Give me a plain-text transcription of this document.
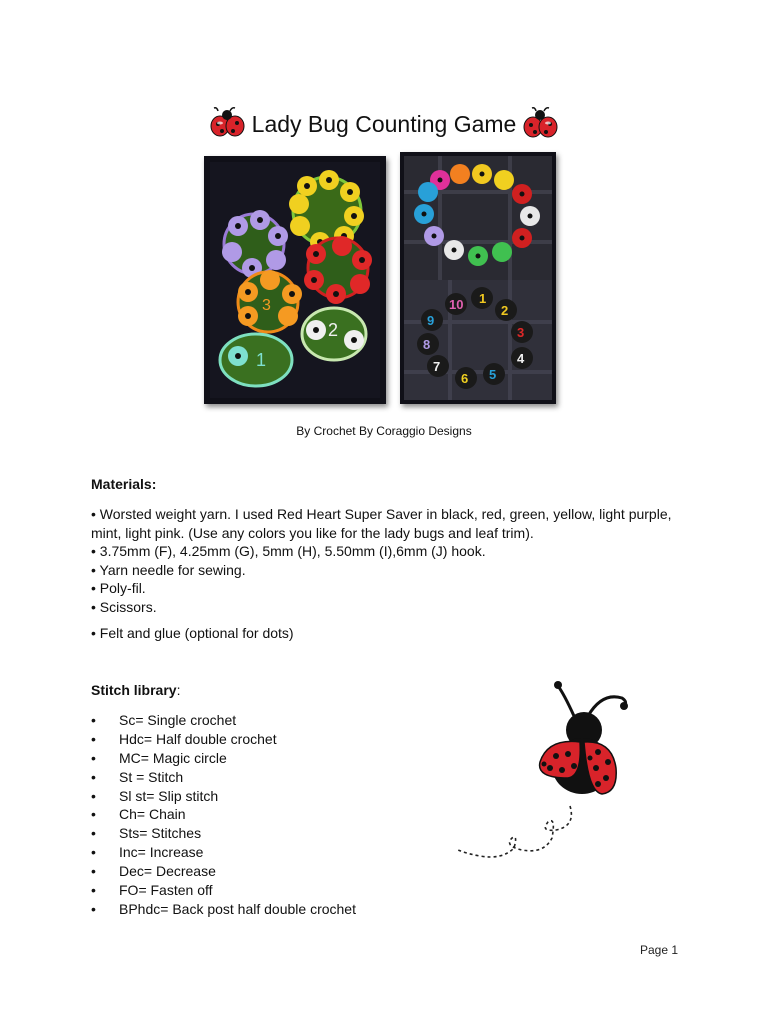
Lady Bug Counting Game
3
2
1
10 1
2
3
4
5
6
7
8
9
By Crochet By Coraggio Designs
Materials:

• Worsted weight yarn. I used Red Heart Super Saver in black, red, green, yellow, light purple, mint, light pink. (Use any colors you like for the lady bugs and leaf trim).

• 3.75mm (F), 4.25mm (G), 5mm (H), 5.50mm (I),6mm (J) hook.

• Yarn needle for sewing.

• Poly-fil.

• Scissors.

• Felt and glue (optional for dots)

Stitch library:
•	Sc= Single crochet
•	Hdc= Half double crochet
•	MC= Magic circle
•	St = Stitch
•	Sl st= Slip stitch
•	Ch= Chain
•	Sts= Stitches
•	Inc= Increase
•	Dec= Decrease
•	FO= Fasten off
•	BPhdc= Back post half double crochet
Page 1
